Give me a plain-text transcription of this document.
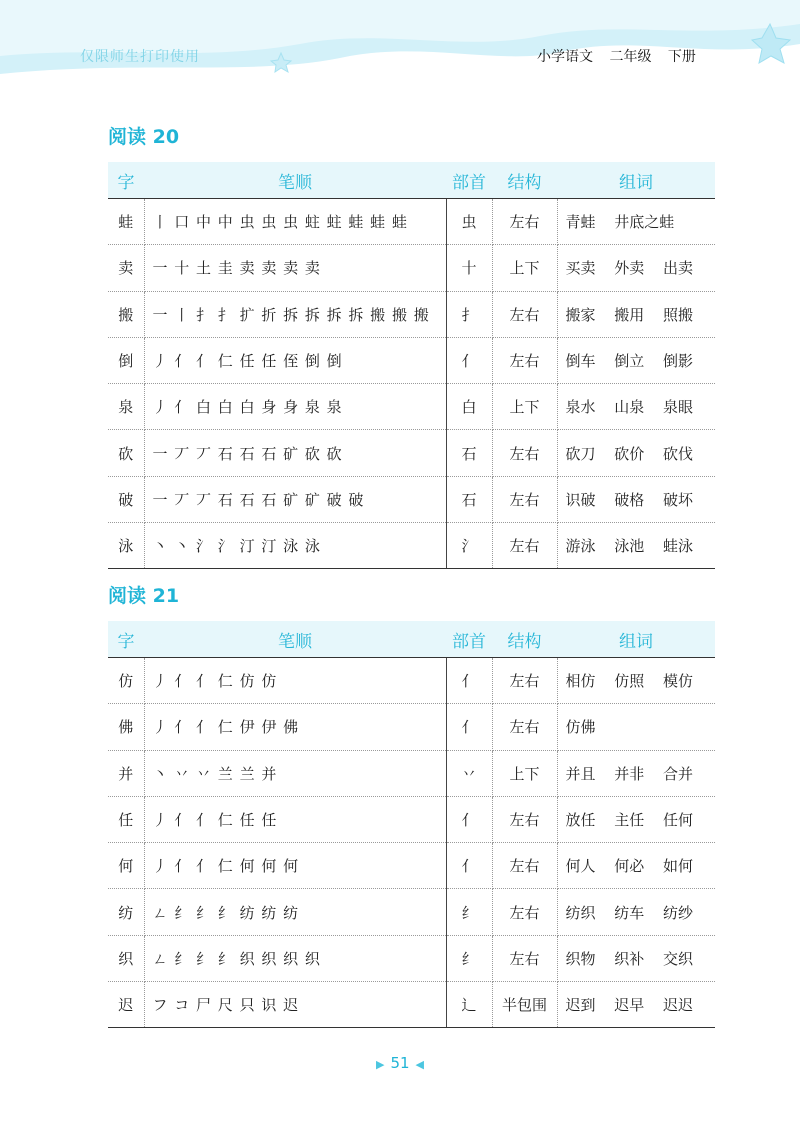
仅限师生打印使用	小学语文 二年级 下册
阅读 20
字	笔顺	部首	结构	组词
蛙	丨 口 中 中 虫 虫 虫 蛀 蛀 蛙 蛙 蛙	虫	左右	青蛙 井底之蛙
卖	一 十 土 圭 卖 卖 卖 卖	十	上下	买卖 外卖 出卖
搬	一 丨 扌 扌 扩 折 拆 拆 拆 拆 搬 搬 搬	扌	左右	搬家 搬用 照搬
倒	丿 亻 亻 仁 任 任 侄 倒 倒	亻	左右	倒车 倒立 倒影
泉	丿 亻 白 白 白 身 身 泉 泉	白	上下	泉水 山泉 泉眼
砍	一 丆 丆 石 石 石 矿 砍 砍	石	左右	砍刀 砍价 砍伐
破	一 丆 丆 石 石 石 矿 矿 破 破	石	左右	识破 破格 破坏
泳	丶 丶 氵 氵 汀 汀 泳 泳	氵	左右	游泳 泳池 蛙泳
阅读 21
字	笔顺	部首	结构	组词
仿	丿 亻 亻 仁 仿 仿	亻	左右	相仿 仿照 模仿
佛	丿 亻 亻 仁 伊 伊 佛	亻	左右	仿佛
并	丶 丷 丷 兰 兰 并	丷	上下	并且 并非 合并
任	丿 亻 亻 仁 任 任	亻	左右	放任 主任 任何
何	丿 亻 亻 仁 何 何 何	亻	左右	何人 何必 如何
纺	ㄥ 纟 纟 纟 纺 纺 纺	纟	左右	纺织 纺车 纺纱
织	ㄥ 纟 纟 纟 织 织 织 织	纟	左右	织物 织补 交织
迟	フ コ 尸 尺 只 识 迟	辶	半包围	迟到 迟早 迟迟
▶ 51 ◀
